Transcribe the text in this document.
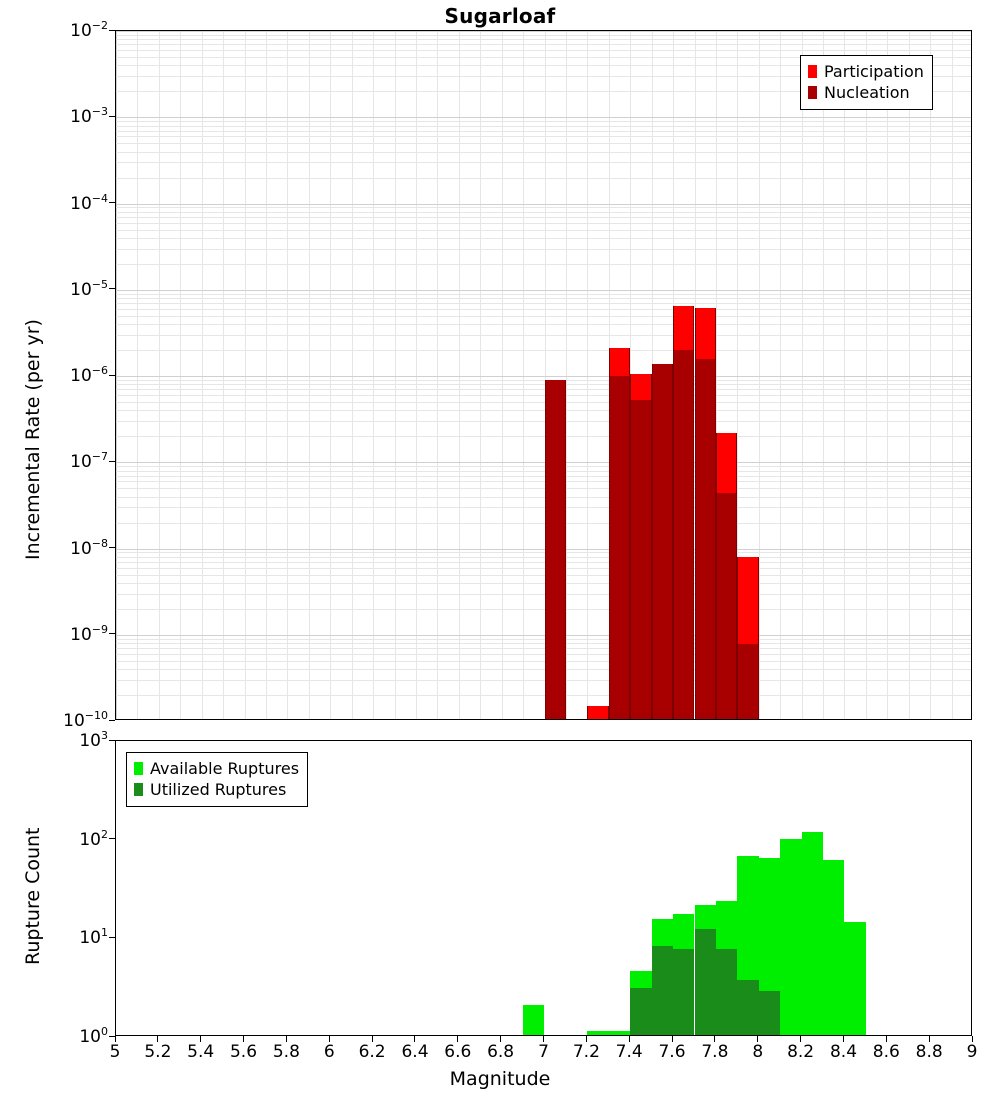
Sugarloaf
$10^{-2}$
$10^{-3}$
$10^{-4}$
$10^{-5}$
$10^{-6}$
$10^{-7}$
$10^{-8}$
$10^{-9}$
$10^{-10}$
Incremental Rate (per yr)
Participation
Nucleation
$10^3$
$10^2$
$10^1$
$10^0$
Rupture Count
Available Ruptures
Utilized Ruptures
5 5.2 5.4 5.6 5.8 6 6.2 6.4 6.6 6.8 7 7.2 7.4 7.6 7.8 8 8.2 8.4 8.6 8.8 9
Magnitude
